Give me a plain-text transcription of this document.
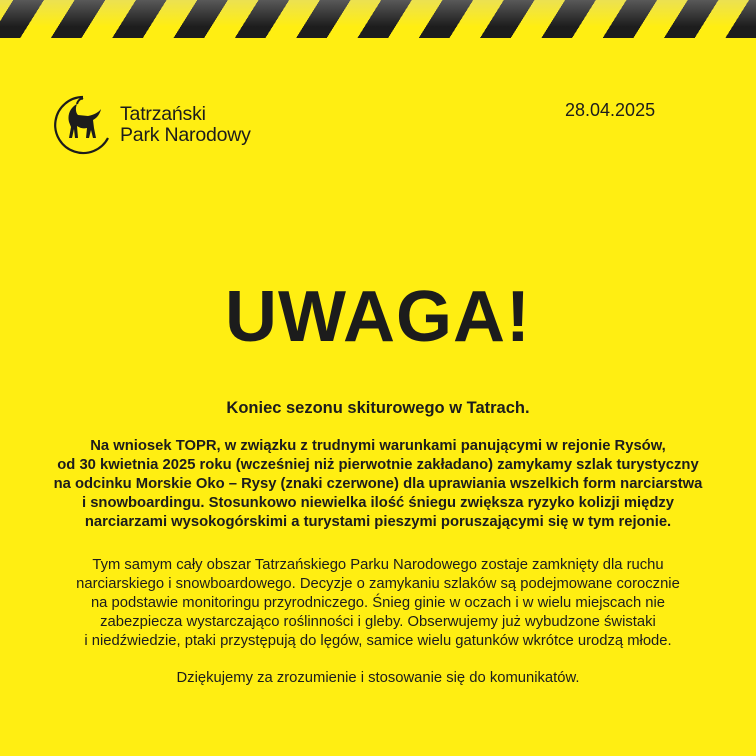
Tatrzański
Park Narodowy
28.04.2025
UWAGA!
Koniec sezonu skiturowego w Tatrach.
Na wniosek TOPR, w związku z trudnymi warunkami panującymi w rejonie Rysów,
od 30 kwietnia 2025 roku (wcześniej niż pierwotnie zakładano) zamykamy szlak turystyczny
na odcinku Morskie Oko – Rysy (znaki czerwone) dla uprawiania wszelkich form narciarstwa
i snowboardingu. Stosunkowo niewielka ilość śniegu zwiększa ryzyko kolizji między
narciarzami wysokogórskimi a turystami pieszymi poruszającymi się w tym rejonie.
Tym samym cały obszar Tatrzańskiego Parku Narodowego zostaje zamknięty dla ruchu
narciarskiego i snowboardowego. Decyzje o zamykaniu szlaków są podejmowane corocznie
na podstawie monitoringu przyrodniczego. Śnieg ginie w oczach i w wielu miejscach nie
zabezpiecza wystarczająco roślinności i gleby. Obserwujemy już wybudzone świstaki
i niedźwiedzie, ptaki przystępują do lęgów, samice wielu gatunków wkrótce urodzą młode.
Dziękujemy za zrozumienie i stosowanie się do komunikatów.
